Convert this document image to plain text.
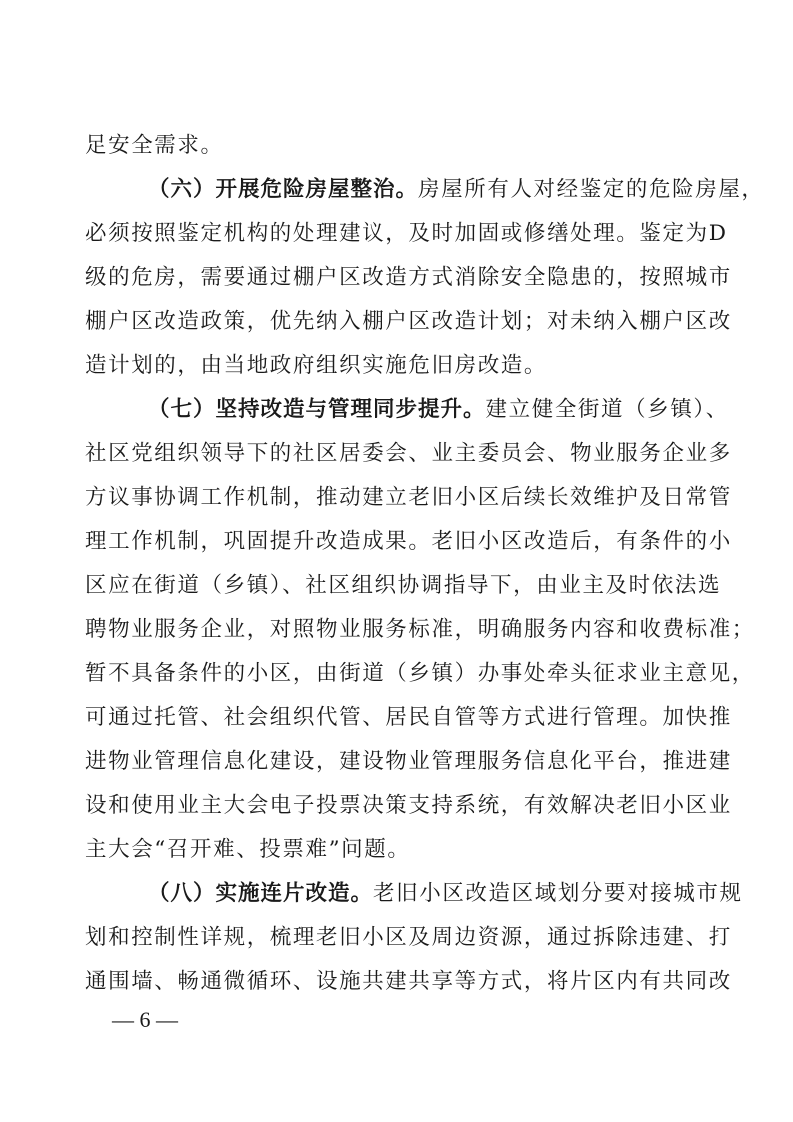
足安全需求。
（六）开展危险房屋整治。房屋所有人对经鉴定的危险房屋，
必须按照鉴定机构的处理建议，及时加固或修缮处理。鉴定为D
级的危房，需要通过棚户区改造方式消除安全隐患的，按照城市
棚户区改造政策，优先纳入棚户区改造计划；对未纳入棚户区改
造计划的，由当地政府组织实施危旧房改造。
（七）坚持改造与管理同步提升。建立健全街道（乡镇）、
社区党组织领导下的社区居委会、业主委员会、物业服务企业多
方议事协调工作机制，推动建立老旧小区后续长效维护及日常管
理工作机制，巩固提升改造成果。老旧小区改造后，有条件的小
区应在街道（乡镇）、社区组织协调指导下，由业主及时依法选
聘物业服务企业，对照物业服务标准，明确服务内容和收费标准；
暂不具备条件的小区，由街道（乡镇）办事处牵头征求业主意见，
可通过托管、社会组织代管、居民自管等方式进行管理。加快推
进物业管理信息化建设，建设物业管理服务信息化平台，推进建
设和使用业主大会电子投票决策支持系统，有效解决老旧小区业
主大会“召开难、投票难”问题。
（八）实施连片改造。老旧小区改造区域划分要对接城市规
划和控制性详规，梳理老旧小区及周边资源，通过拆除违建、打
通围墙、畅通微循环、设施共建共享等方式，将片区内有共同改
— 6 —
